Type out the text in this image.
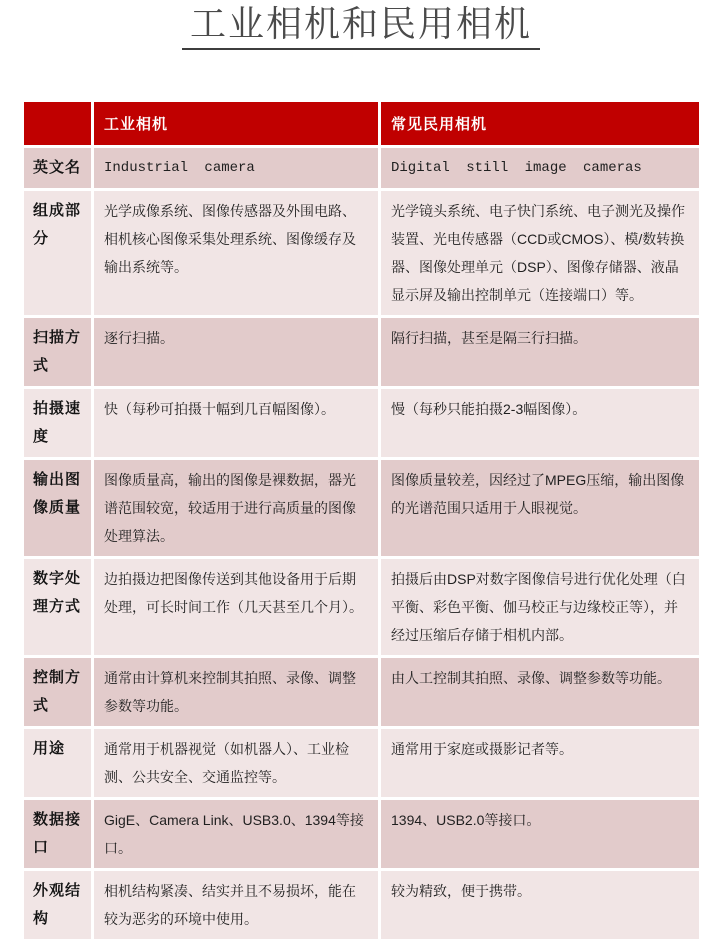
工业相机和民用相机
	工业相机	常见民用相机
英文名	Industrial camera	Digital still image cameras
组成部分	光学成像系统、图像传感器及外围电路、相机核心图像采集处理系统、图像缓存及输出系统等。	光学镜头系统、电子快门系统、电子测光及操作装置、光电传感器（CCD或CMOS）、模/数转换器、图像处理单元（DSP）、图像存储器、液晶显示屏及输出控制单元（连接端口）等。
扫描方式	逐行扫描。	隔行扫描，甚至是隔三行扫描。
拍摄速度	快（每秒可拍摄十幅到几百幅图像）。	慢（每秒只能拍摄2-3幅图像）。
输出图像质量	图像质量高，输出的图像是裸数据，器光谱范围较宽，较适用于进行高质量的图像处理算法。	图像质量较差，因经过了MPEG压缩，输出图像的光谱范围只适用于人眼视觉。
数字处理方式	边拍摄边把图像传送到其他设备用于后期处理，可长时间工作（几天甚至几个月）。	拍摄后由DSP对数字图像信号进行优化处理（白平衡、彩色平衡、伽马校正与边缘校正等），并经过压缩后存储于相机内部。
控制方式	通常由计算机来控制其拍照、录像、调整参数等功能。	由人工控制其拍照、录像、调整参数等功能。
用途	通常用于机器视觉（如机器人）、工业检测、公共安全、交通监控等。	通常用于家庭或摄影记者等。
数据接口	GigE、Camera Link、USB3.0、1394等接口。	1394、USB2.0等接口。
外观结构	相机结构紧凑、结实并且不易损坏，能在较为恶劣的环境中使用。	较为精致，便于携带。
